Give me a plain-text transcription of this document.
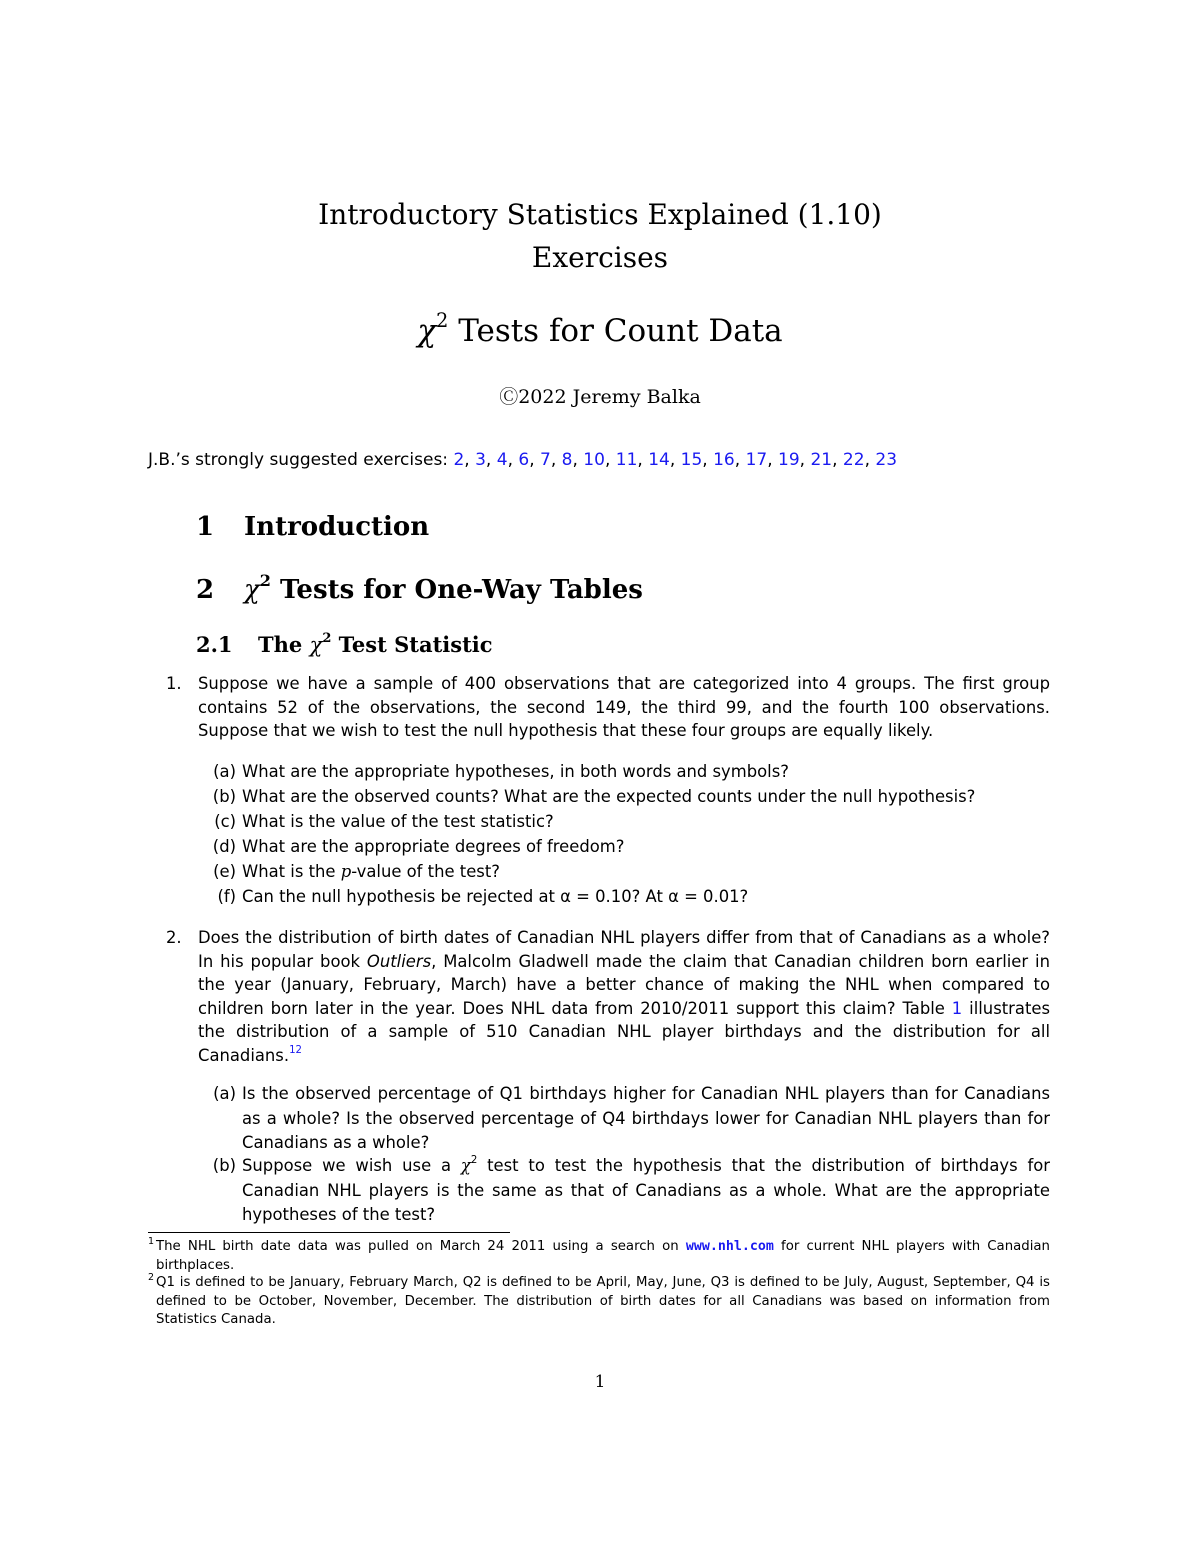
Introductory Statistics Explained (1.10)
Exercises
$\chi^2$ Tests for Count Data
Ⓒ2022 Jeremy Balka
J.B.’s strongly suggested exercises: 2, 3, 4, 6, 7, 8, 10, 11, 14, 15, 16, 17, 19, 21, 22, 23
1 Introduction
2 $\chi^2$ Tests for One-Way Tables
2.1 The $\chi^2$ Test Statistic
1. Suppose we have a sample of 400 observations that are categorized into 4 groups. The first group contains 52 of the observations, the second 149, the third 99, and the fourth 100 observations. Suppose that we wish to test the null hypothesis that these four groups are equally likely.
(a) What are the appropriate hypotheses, in both words and symbols?
(b) What are the observed counts? What are the expected counts under the null hypothesis?
(c) What is the value of the test statistic?
(d) What are the appropriate degrees of freedom?
(e) What is the p-value of the test?
(f) Can the null hypothesis be rejected at α = 0.10? At α = 0.01?
2. Does the distribution of birth dates of Canadian NHL players differ from that of Canadians as a whole? In his popular book Outliers, Malcolm Gladwell made the claim that Canadian children born earlier in the year (January, February, March) have a better chance of making the NHL when compared to children born later in the year. Does NHL data from 2010/2011 support this claim? Table 1 illustrates the distribution of a sample of 510 Canadian NHL player birthdays and the distribution for all Canadians.$^{12}$
(a) Is the observed percentage of Q1 birthdays higher for Canadian NHL players than for Canadians as a whole? Is the observed percentage of Q4 birthdays lower for Canadian NHL players than for Canadians as a whole?
(b) Suppose we wish use a $\chi^2$ test to test the hypothesis that the distribution of birthdays for Canadian NHL players is the same as that of Canadians as a whole. What are the appropriate hypotheses of the test?
1 The NHL birth date data was pulled on March 24 2011 using a search on www.nhl.com for current NHL players with Canadian birthplaces.
2 Q1 is defined to be January, February March, Q2 is defined to be April, May, June, Q3 is defined to be July, August, September, Q4 is defined to be October, November, December. The distribution of birth dates for all Canadians was based on information from Statistics Canada.
1
